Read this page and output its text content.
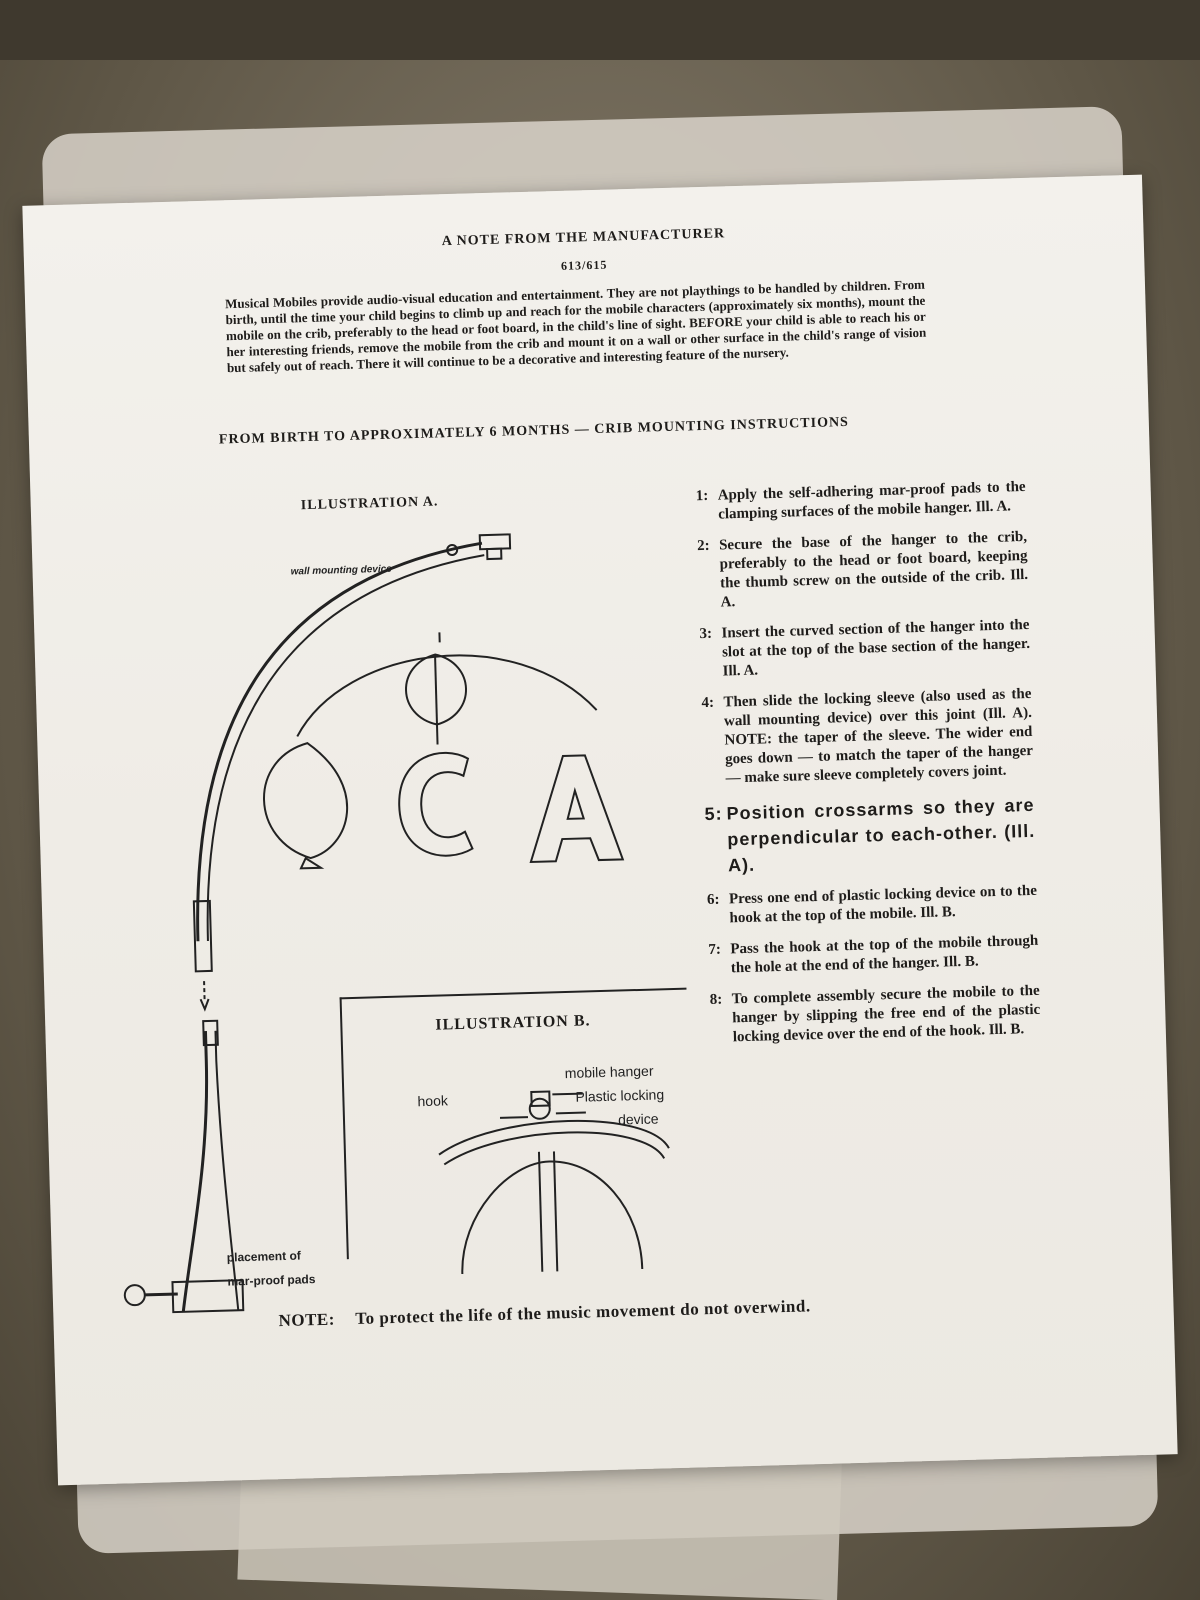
A NOTE FROM THE MANUFACTURER
613/615
Musical Mobiles provide audio-visual education and entertainment. They are not playthings to be handled by children. From birth, until the time your child begins to climb up and reach for the mobile characters (approximately six months), mount the mobile on the crib, preferably to the head or foot board, in the child's line of sight. BEFORE your child is able to reach his or her interesting friends, remove the mobile from the crib and mount it on a wall or other surface in the child's range of vision but safely out of reach. There it will continue to be a decorative and interesting feature of the nursery.
FROM BIRTH TO APPROXIMATELY 6 MONTHS — CRIB MOUNTING INSTRUCTIONS
ILLUSTRATION A.
wall mounting device
placement of
mar-proof pads
ILLUSTRATION B.
hook
mobile hanger
Plastic locking
device
1: Apply the self-adhering mar-proof pads to the clamping surfaces of the mobile hanger. Ill. A.
2: Secure the base of the hanger to the crib, preferably to the head or foot board, keeping the thumb screw on the outside of the crib. Ill. A.
3: Insert the curved section of the hanger into the slot at the top of the base section of the hanger. Ill. A.
4: Then slide the locking sleeve (also used as the wall mounting device) over this joint (Ill. A). NOTE: the taper of the sleeve. The wider end goes down — to match the taper of the hanger — make sure sleeve completely covers joint.
5: Position crossarms so they are perpendicular to each-other. (Ill. A).
6: Press one end of plastic locking device on to the hook at the top of the mobile. Ill. B.
7: Pass the hook at the top of the mobile through the hole at the end of the hanger. Ill. B.
8: To complete assembly secure the mobile to the hanger by slipping the free end of the plastic locking device over the end of the hook. Ill. B.
NOTE: To protect the life of the music movement do not overwind.
